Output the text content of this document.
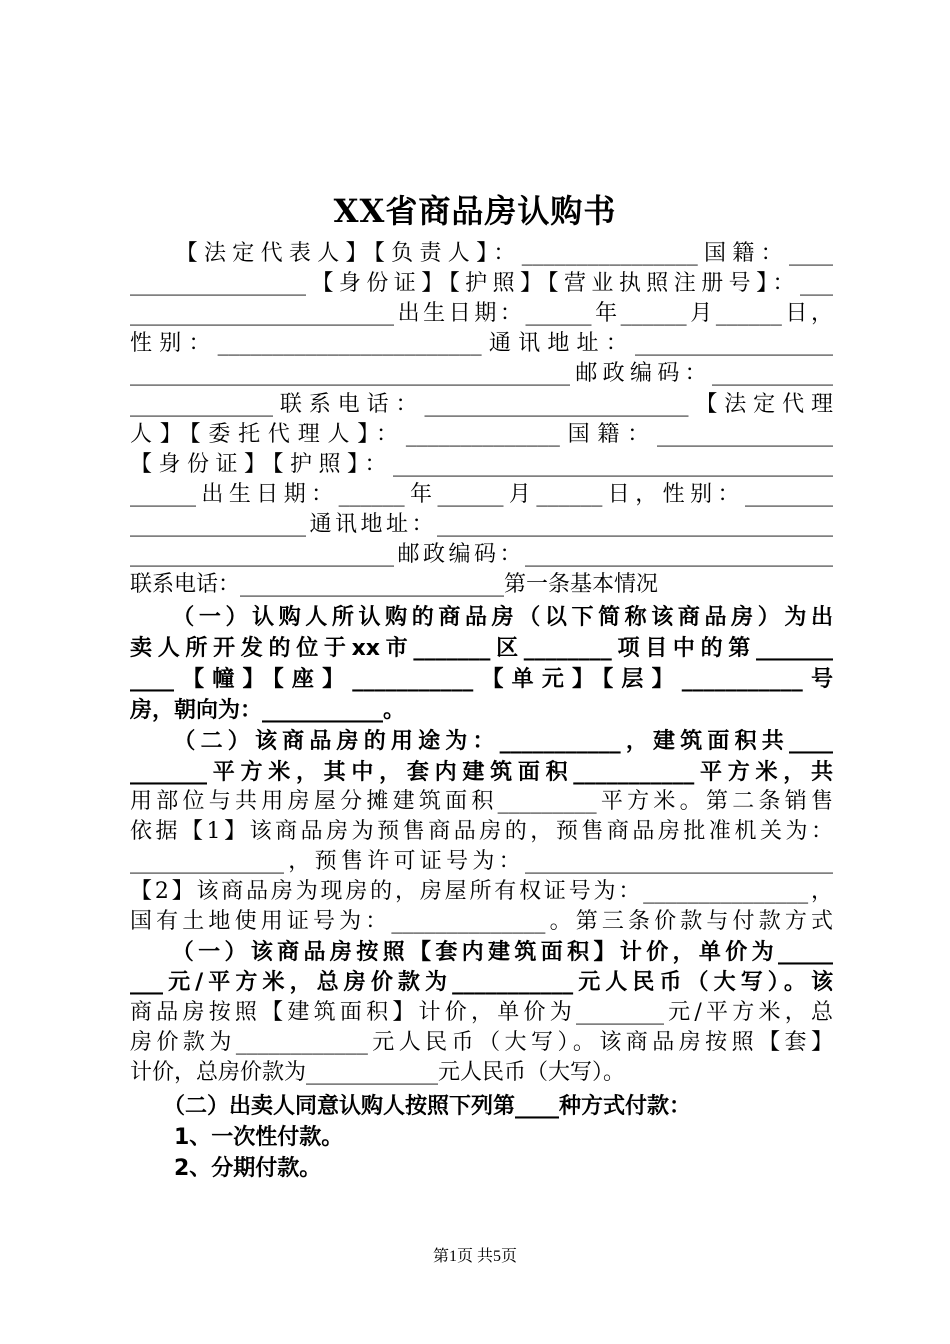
XX省商品房认购书
　　【法定代表人】【负责人】：________________国籍：____
________________【身份证】【护照】【营业执照注册号】：___
________________________出生日期：______年______月______日，
性别：________________________通讯地址：__________________
________________________________________邮政编码：___________
_____________联系电话：________________________【法定代理
人】【委托代理人】：______________国籍：________________
【身份证】【护照】：________________________________________
______出生日期：______年______月______日，性别：________
________________通讯地址：____________________________________
________________________邮政编码：____________________________
联系电话：________________________第一条基本情况
　　（一）认购人所认购的商品房（以下简称该商品房）为出
卖人所开发的位于xx市_______区________项目中的第_______
____【幢】【座】___________【单元】【层】___________号
房，朝向为：___________。
　　（二）该商品房的用途为：___________，建筑面积共____
_______平方米，其中，套内建筑面积___________平方米，共
用部位与共用房屋分摊建筑面积_________平方米。第二条销售
依据【1】该商品房为预售商品房的，预售商品房批准机关为：
______________，预售许可证号为：____________________________
【2】该商品房为现房的，房屋所有权证号为：_______________，
国有土地使用证号为：______________。第三条价款与付款方式
　　（一）该商品房按照【套内建筑面积】计价，单价为_____
___元/平方米，总房价款为___________元人民币（大写）。该
商品房按照【建筑面积】计价，单价为________元/平方米，总
房价款为____________元人民币（大写）。该商品房按照【套】
计价，总房价款为____________元人民币（大写）。
　　（二）出卖人同意认购人按照下列第____种方式付款：
　　1、一次性付款。
　　2、分期付款。
第1页 共5页
